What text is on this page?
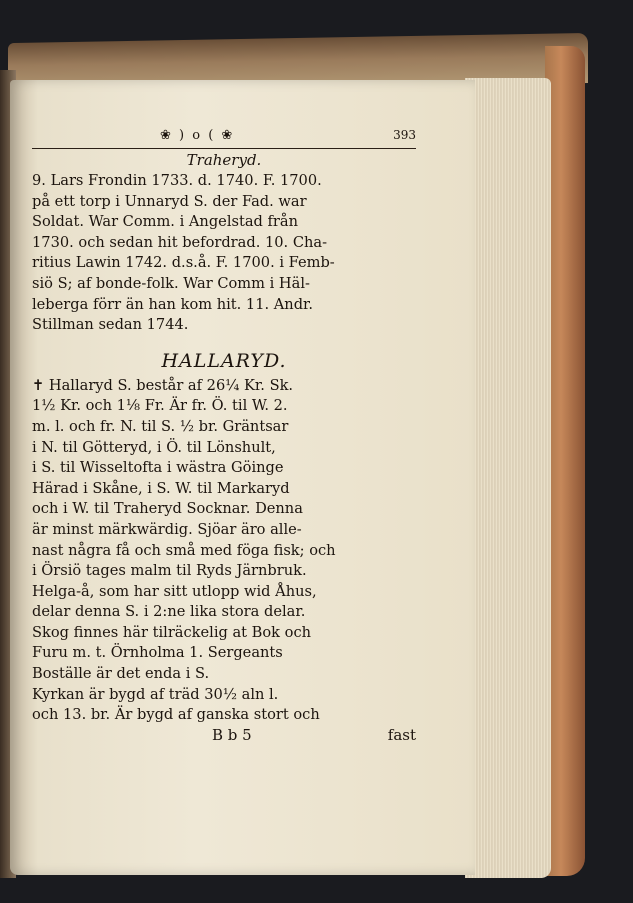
❀ ) o ( ❀	393
Traheryd.
9. Lars Frondin 1733. d. 1740. F. 1700.
på ett torp i Unnaryd S. der Fad. war
Soldat. War Comm. i Angelstad från
1730. och sedan hit befordrad. 10. Cha-
ritius Lawin 1742. d.s.å. F. 1700. i Femb-
siö S; af bonde-folk. War Comm i Häl-
leberga förr än han kom hit. 11. Andr.
Stillman sedan 1744.
HALLARYD.
✝ Hallaryd S. består af 26¼ Kr. Sk.
1½ Kr. och 1⅛ Fr. Är fr. Ö. til W. 2.
m. l. och fr. N. til S. ½ br. Gräntsar
i N. til Götteryd, i Ö. til Lönshult,
i S. til Wisseltofta i wästra Göinge
Härad i Skåne, i S. W. til Markaryd
och i W. til Traheryd Socknar. Denna
är minst märkwärdig. Sjöar äro alle-
nast några få och små med föga fisk; och
i Örsiö tages malm til Ryds Järnbruk.
Helga-å, som har sitt utlopp wid Åhus,
delar denna S. i 2:ne lika stora delar.
Skog finnes här tilräckelig at Bok och
Furu m. t. Örnholma 1. Sergeants
Boställe är det enda i S.
Kyrkan är bygd af träd 30½ aln l.
och 13. br. Är bygd af ganska stort och
B b 5	fast
